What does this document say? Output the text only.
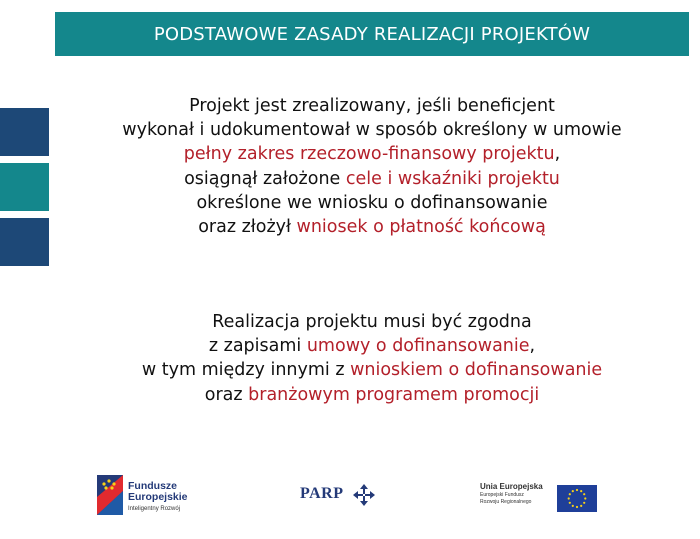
PODSTAWOWE ZASADY REALIZACJI PROJEKTÓW
Projekt jest zrealizowany, jeśli beneficjent
wykonał i udokumentował w sposób określony w umowie
pełny zakres rzeczowo-finansowy projektu,
osiągnął założone cele i wskaźniki projektu
określone we wniosku o dofinansowanie
oraz złożył wniosek o płatność końcową
Realizacja projektu musi być zgodna
z zapisami umowy o dofinansowanie,
w tym między innymi z wnioskiem o dofinansowanie
oraz branżowym programem promocji
Fundusze
Europejskie
Inteligentny Rozwój
PARP	Unia Europejska
Europejski Fundusz
Rozwoju Regionalnego
